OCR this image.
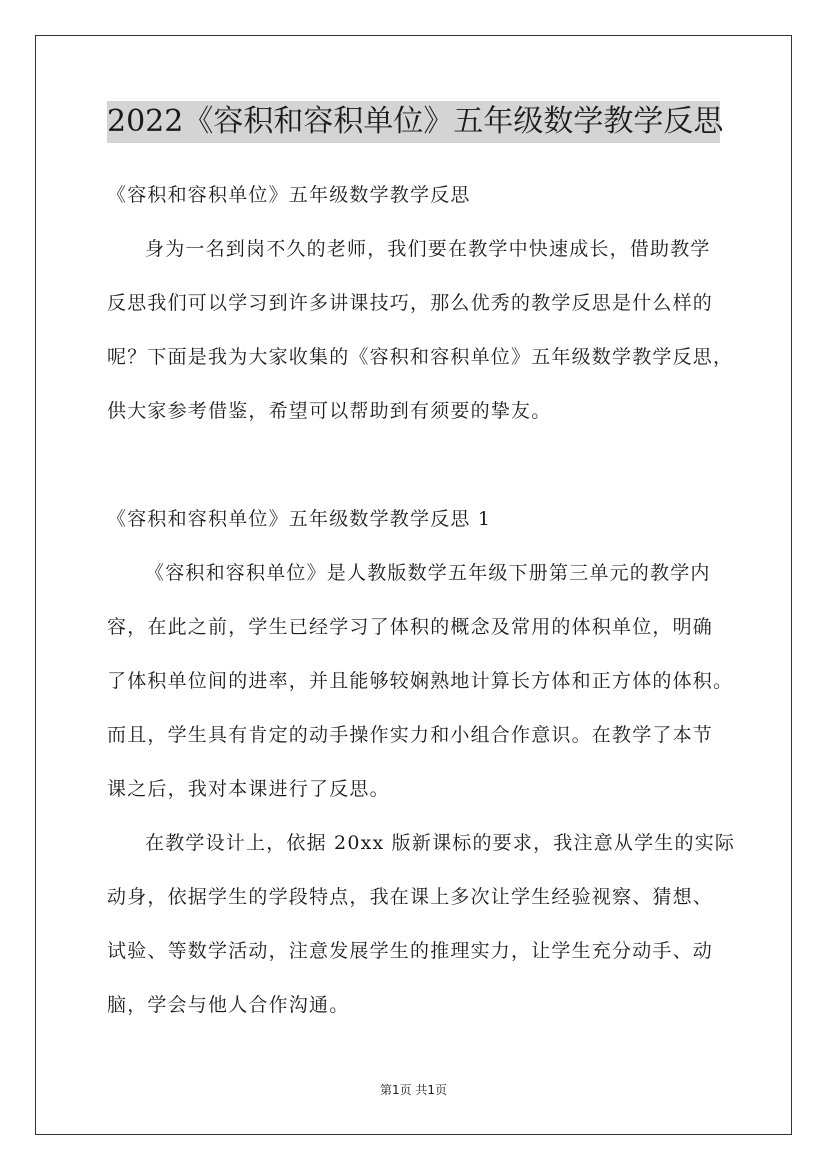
2022《容积和容积单位》五年级数学教学反思
《容积和容积单位》五年级数学教学反思
身为一名到岗不久的老师，我们要在教学中快速成长，借助教学
反思我们可以学习到许多讲课技巧，那么优秀的教学反思是什么样的
呢？下面是我为大家收集的《容积和容积单位》五年级数学教学反思，
供大家参考借鉴，希望可以帮助到有须要的挚友。
《容积和容积单位》五年级数学教学反思 1
《容积和容积单位》是人教版数学五年级下册第三单元的教学内
容，在此之前，学生已经学习了体积的概念及常用的体积单位，明确
了体积单位间的进率，并且能够较娴熟地计算长方体和正方体的体积。
而且，学生具有肯定的动手操作实力和小组合作意识。在教学了本节
课之后，我对本课进行了反思。
在教学设计上，依据 20xx 版新课标的要求，我注意从学生的实际
动身，依据学生的学段特点，我在课上多次让学生经验视察、猜想、
试验、等数学活动，注意发展学生的推理实力，让学生充分动手、动
脑，学会与他人合作沟通。
第1页 共1页
